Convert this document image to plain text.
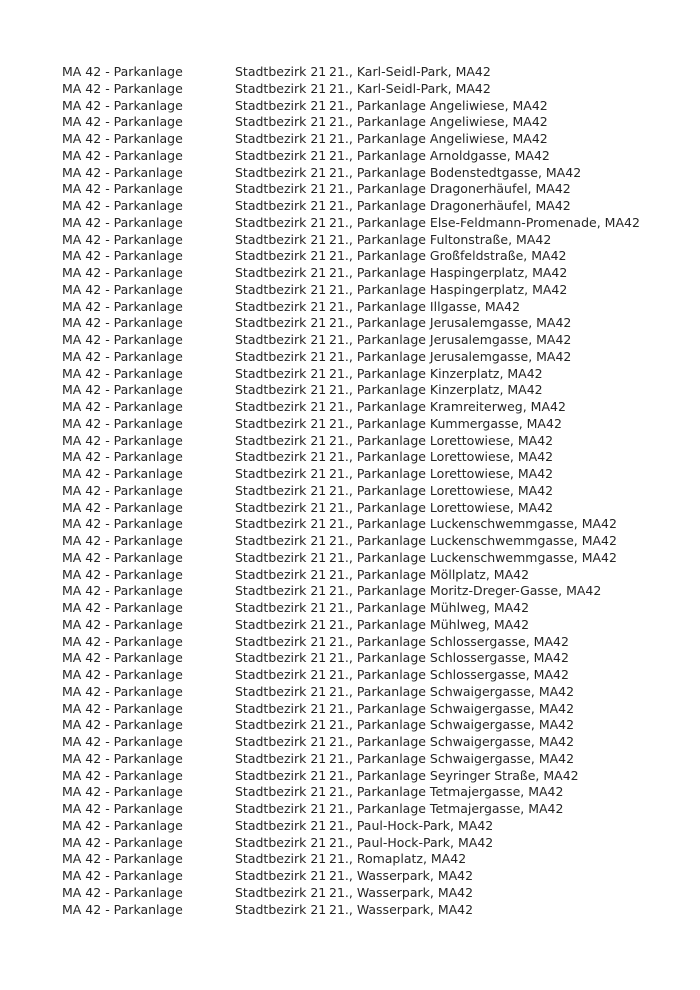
MA 42 - Parkanlage	Stadtbezirk 21 21., Karl-Seidl-Park, MA42
MA 42 - Parkanlage	Stadtbezirk 21 21., Karl-Seidl-Park, MA42
MA 42 - Parkanlage	Stadtbezirk 21 21., Parkanlage Angeliwiese, MA42
MA 42 - Parkanlage	Stadtbezirk 21 21., Parkanlage Angeliwiese, MA42
MA 42 - Parkanlage	Stadtbezirk 21 21., Parkanlage Angeliwiese, MA42
MA 42 - Parkanlage	Stadtbezirk 21 21., Parkanlage Arnoldgasse, MA42
MA 42 - Parkanlage	Stadtbezirk 21 21., Parkanlage Bodenstedtgasse, MA42
MA 42 - Parkanlage	Stadtbezirk 21 21., Parkanlage Dragonerhäufel, MA42
MA 42 - Parkanlage	Stadtbezirk 21 21., Parkanlage Dragonerhäufel, MA42
MA 42 - Parkanlage	Stadtbezirk 21 21., Parkanlage Else-Feldmann-Promenade, MA42
MA 42 - Parkanlage	Stadtbezirk 21 21., Parkanlage Fultonstraße, MA42
MA 42 - Parkanlage	Stadtbezirk 21 21., Parkanlage Großfeldstraße, MA42
MA 42 - Parkanlage	Stadtbezirk 21 21., Parkanlage Haspingerplatz, MA42
MA 42 - Parkanlage	Stadtbezirk 21 21., Parkanlage Haspingerplatz, MA42
MA 42 - Parkanlage	Stadtbezirk 21 21., Parkanlage Illgasse, MA42
MA 42 - Parkanlage	Stadtbezirk 21 21., Parkanlage Jerusalemgasse, MA42
MA 42 - Parkanlage	Stadtbezirk 21 21., Parkanlage Jerusalemgasse, MA42
MA 42 - Parkanlage	Stadtbezirk 21 21., Parkanlage Jerusalemgasse, MA42
MA 42 - Parkanlage	Stadtbezirk 21 21., Parkanlage Kinzerplatz, MA42
MA 42 - Parkanlage	Stadtbezirk 21 21., Parkanlage Kinzerplatz, MA42
MA 42 - Parkanlage	Stadtbezirk 21 21., Parkanlage Kramreiterweg, MA42
MA 42 - Parkanlage	Stadtbezirk 21 21., Parkanlage Kummergasse, MA42
MA 42 - Parkanlage	Stadtbezirk 21 21., Parkanlage Lorettowiese, MA42
MA 42 - Parkanlage	Stadtbezirk 21 21., Parkanlage Lorettowiese, MA42
MA 42 - Parkanlage	Stadtbezirk 21 21., Parkanlage Lorettowiese, MA42
MA 42 - Parkanlage	Stadtbezirk 21 21., Parkanlage Lorettowiese, MA42
MA 42 - Parkanlage	Stadtbezirk 21 21., Parkanlage Lorettowiese, MA42
MA 42 - Parkanlage	Stadtbezirk 21 21., Parkanlage Luckenschwemmgasse, MA42
MA 42 - Parkanlage	Stadtbezirk 21 21., Parkanlage Luckenschwemmgasse, MA42
MA 42 - Parkanlage	Stadtbezirk 21 21., Parkanlage Luckenschwemmgasse, MA42
MA 42 - Parkanlage	Stadtbezirk 21 21., Parkanlage Möllplatz, MA42
MA 42 - Parkanlage	Stadtbezirk 21 21., Parkanlage Moritz-Dreger-Gasse, MA42
MA 42 - Parkanlage	Stadtbezirk 21 21., Parkanlage Mühlweg, MA42
MA 42 - Parkanlage	Stadtbezirk 21 21., Parkanlage Mühlweg, MA42
MA 42 - Parkanlage	Stadtbezirk 21 21., Parkanlage Schlossergasse, MA42
MA 42 - Parkanlage	Stadtbezirk 21 21., Parkanlage Schlossergasse, MA42
MA 42 - Parkanlage	Stadtbezirk 21 21., Parkanlage Schlossergasse, MA42
MA 42 - Parkanlage	Stadtbezirk 21 21., Parkanlage Schwaigergasse, MA42
MA 42 - Parkanlage	Stadtbezirk 21 21., Parkanlage Schwaigergasse, MA42
MA 42 - Parkanlage	Stadtbezirk 21 21., Parkanlage Schwaigergasse, MA42
MA 42 - Parkanlage	Stadtbezirk 21 21., Parkanlage Schwaigergasse, MA42
MA 42 - Parkanlage	Stadtbezirk 21 21., Parkanlage Schwaigergasse, MA42
MA 42 - Parkanlage	Stadtbezirk 21 21., Parkanlage Seyringer Straße, MA42
MA 42 - Parkanlage	Stadtbezirk 21 21., Parkanlage Tetmajergasse, MA42
MA 42 - Parkanlage	Stadtbezirk 21 21., Parkanlage Tetmajergasse, MA42
MA 42 - Parkanlage	Stadtbezirk 21 21., Paul-Hock-Park, MA42
MA 42 - Parkanlage	Stadtbezirk 21 21., Paul-Hock-Park, MA42
MA 42 - Parkanlage	Stadtbezirk 21 21., Romaplatz, MA42
MA 42 - Parkanlage	Stadtbezirk 21 21., Wasserpark, MA42
MA 42 - Parkanlage	Stadtbezirk 21 21., Wasserpark, MA42
MA 42 - Parkanlage	Stadtbezirk 21 21., Wasserpark, MA42
